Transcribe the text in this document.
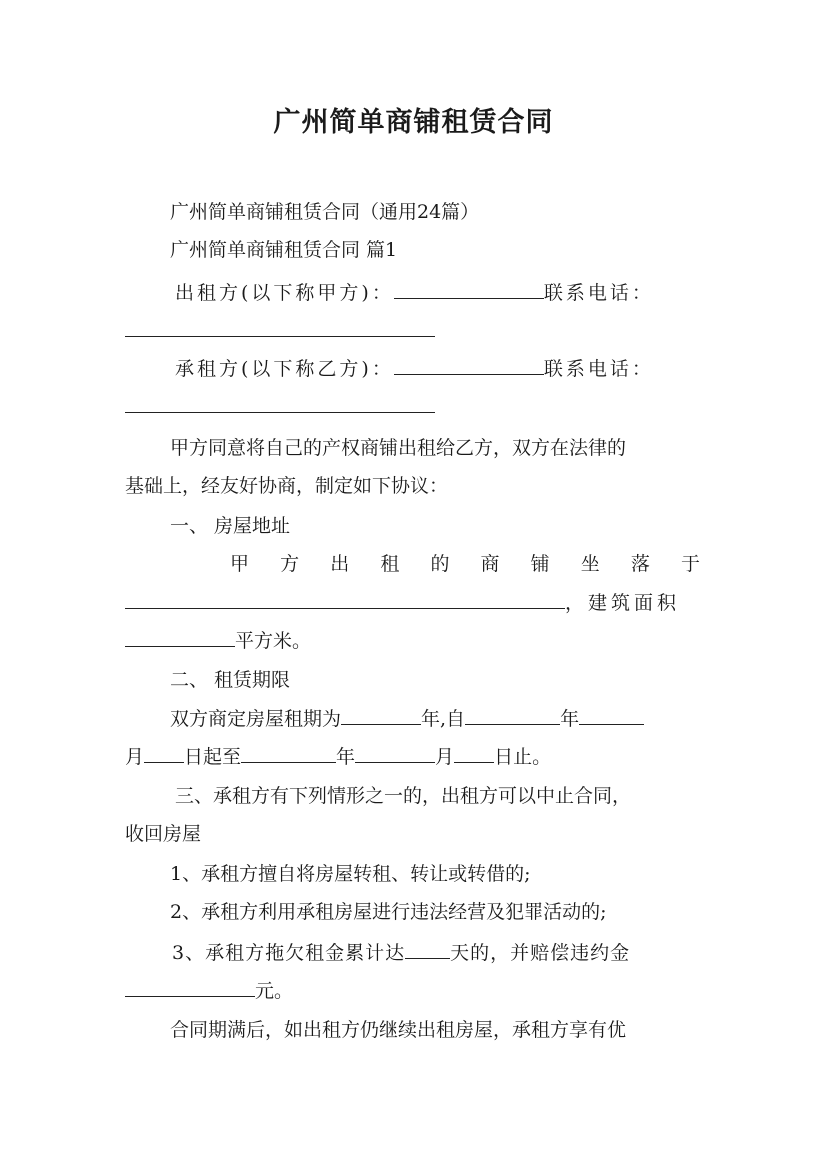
广州简单商铺租赁合同
广州简单商铺租赁合同（通用24篇）
广州简单商铺租赁合同 篇1
出租方(以下称甲方)：	联系电话：
承租方(以下称乙方)：	联系电话：
甲方同意将自己的产权商铺出租给乙方，双方在法律的
基础上，经友好协商，制定如下协议：
一、 房屋地址
甲 方 出 租 的 商 铺 坐 落 于
，建筑面积
平方米。
二、 租赁期限
双方商定房屋租期为	年,自	年
月 日起至	年	月 日止。
三、承租方有下列情形之一的，出租方可以中止合同，
收回房屋
1、承租方擅自将房屋转租、转让或转借的;
2、承租方利用承租房屋进行违法经营及犯罪活动的;
3、承租方拖欠租金累计达 天的，并赔偿违约金
元。
合同期满后，如出租方仍继续出租房屋，承租方享有优
